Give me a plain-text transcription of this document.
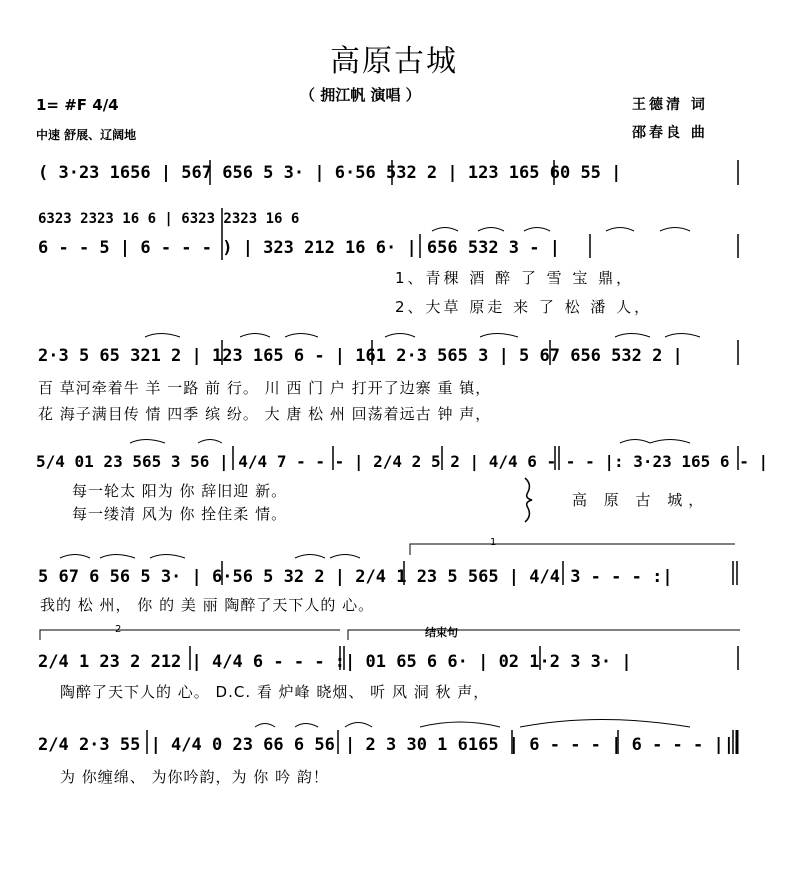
高原古城
（ 拥江帆 演唱 ）
1= #F 4/4
中速 舒展、辽阔地
王德清 词
邵春良 曲
( 3·23 1656 | 567 656 5 3· | 6·56 532 2 | 123 165 60 55 |
6323 2323 16 6 | 6323 2323 16 6
6 - - 5 | 6 - - - ) | 323 212 16 6· | 656 532 3 - |
2·3 5 65 321 2 | 123 165 6 - | 161 2·3 565 3 | 5 67 656 532 2 |
5/4 01 23 565 3 56 | 4/4 7 - - - | 2/4 2 5 2 | 4/4 6 - - - |: 3·23 165 6 - |
5 67 6 56 5 3· | 6·56 5 32 2 | 2/4 1 23 5 565 | 4/4 3 - - - :|
2/4 1 23 2 212 | 4/4 6 - - - :| 01 65 6 6· | 02 1·2 3 3· |
2/4 2·3 55 | 4/4 0 23 66 6 56 | 2 3 30 1 6165 | 6 - - - | 6 - - - ||
1
2	结束句
1、青稞 酒 醉 了 雪 宝 鼎，
2、大草 原走 来 了 松 潘 人，
百 草河牵着牛 羊 一路 前 行。 川 西 门 户 打开了边寨 重 镇，
花 海子满目传 情 四季 缤 纷。 大 唐 松 州 回荡着远古 钟 声，
每一轮太 阳为 你 辞旧迎 新。
每一缕清 风为 你 拴住柔 情。
高 原 古 城，
我的 松 州， 你 的 美 丽 陶醉了天下人的 心。
陶醉了天下人的 心。 D.C. 看 炉峰 晓烟、 听 风 洞 秋 声，
为 你缠绵、 为你吟韵，为 你 吟 韵！
